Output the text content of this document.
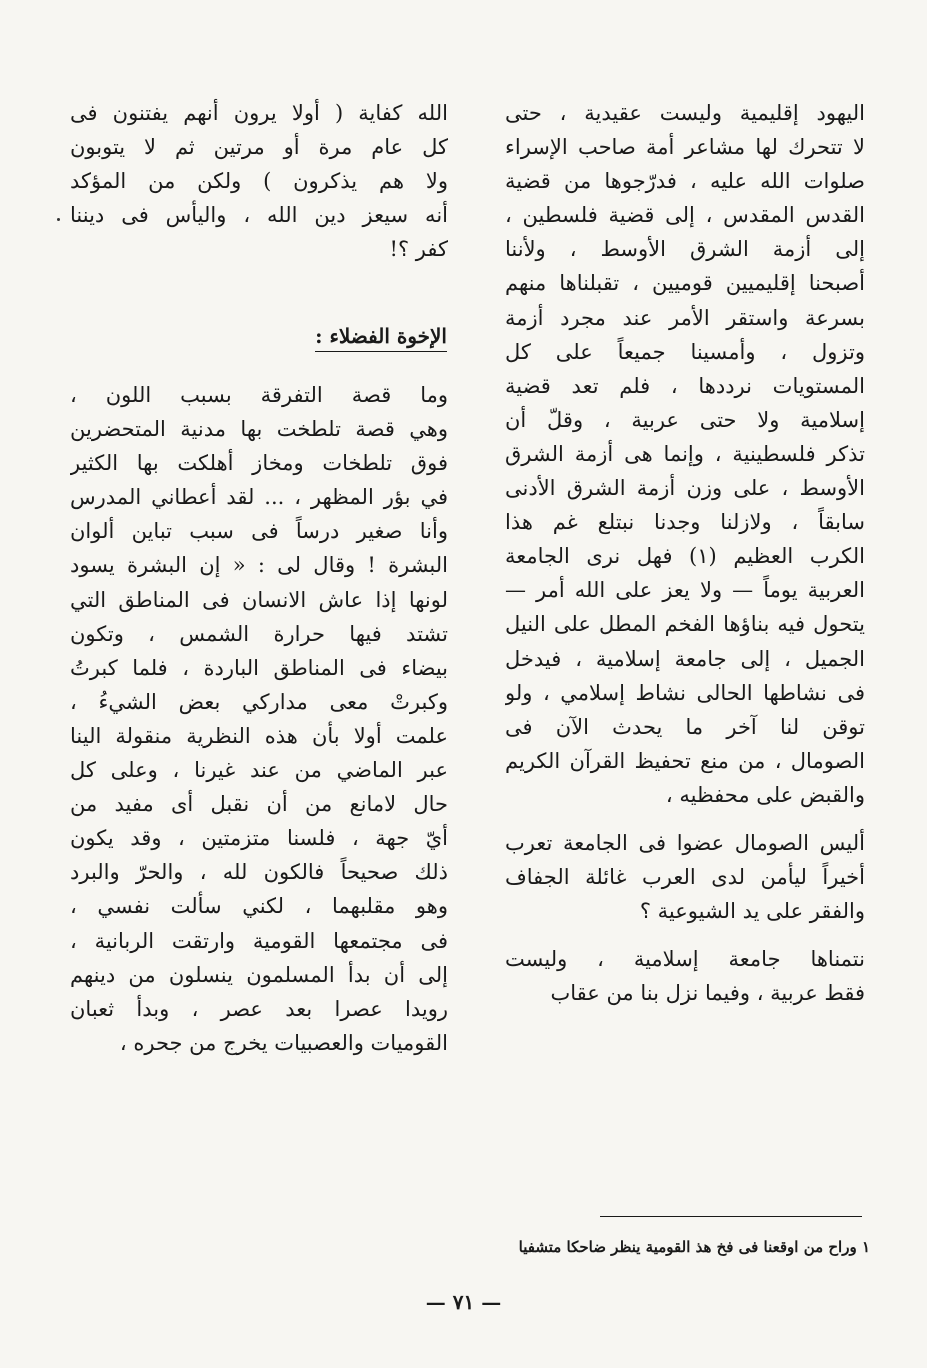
اليهود إقليمية وليست عقيدية ، حتى
لا تتحرك لها مشاعر أمة صاحب الإسراء
صلوات الله عليه ، فدرّجوها من قضية
القدس المقدس ، إلى قضية فلسطين ،
إلى أزمة الشرق الأوسط ، ولأننا
أصبحنا إقليميين قوميين ، تقبلناها منهم
بسرعة واستقر الأمر عند مجرد أزمة
وتزول ، وأمسينا جميعاً على كل
المستويات نرددها ، فلم تعد قضية
إسلامية ولا حتى عربية ، وقلّ أن
تذكر فلسطينية ، وإنما هى أزمة الشرق
الأوسط ، على وزن أزمة الشرق الأدنى
سابقاً ، ولازلنا وجدنا نبتلع غم هذا
الكرب العظيم (١) فهل نرى الجامعة
العربية يوماً — ولا يعز على الله أمر —
يتحول فيه بناؤها الفخم المطل على النيل
الجميل ، إلى جامعة إسلامية ، فيدخل
فى نشاطها الحالى نشاط إسلامي ، ولو
توقن لنا آخر ما يحدث الآن فى
الصومال ، من منع تحفيظ القرآن الكريم
والقبض على محفظيه ،
أليس الصومال عضوا فى الجامعة تعرب
أخيراً ليأمن لدى العرب غائلة الجفاف
والفقر على يد الشيوعية ؟
نتمناها جامعة إسلامية ، وليست
فقط عربية ، وفيما نزل بنا من عقاب
الله كفاية ( أولا يرون أنهم يفتنون فى
كل عام مرة أو مرتين ثم لا يتوبون
ولا هم يذكرون ) ولكن من المؤكد
أنه سيعز دين الله ، واليأس فى ديننا
كفر ؟!
وما قصة التفرقة بسبب اللون ،
وهي قصة تلطخت بها مدنية المتحضرين
فوق تلطخات ومخاز أهلكت بها الكثير
في بؤر المظهر ، ... لقد أعطاني المدرس
وأنا صغير درساً فى سبب تباين ألوان
البشرة ! وقال لى : « إن البشرة يسود
لونها إذا عاش الانسان فى المناطق التي
تشتد فيها حرارة الشمس ، وتكون
بيضاء فى المناطق الباردة ، فلما كبرتُ
وكبرتْ معى مداركي بعض الشيءُ ،
علمت أولا بأن هذه النظرية منقولة الينا
عبر الماضي من عند غيرنا ، وعلى كل
حال لامانع من أن نقبل أى مفيد من
أيّ جهة ، فلسنا متزمتين ، وقد يكون
ذلك صحيحاً فالكون لله ، والحرّ والبرد
وهو مقلبهما ، لكني سألت نفسي ،
فى مجتمعها القومية وارتقت الربانية ،
إلى أن بدأ المسلمون ينسلون من دينهم
رويدا عصرا بعد عصر ، وبدأ ثعبان
القوميات والعصبيات يخرج من جحره ،
الإخوة الفضلاء :
١ وراح من اوقعنا فى فخ هذ القومية ينظر ضاحكا متشفيا
— ٧١ —
